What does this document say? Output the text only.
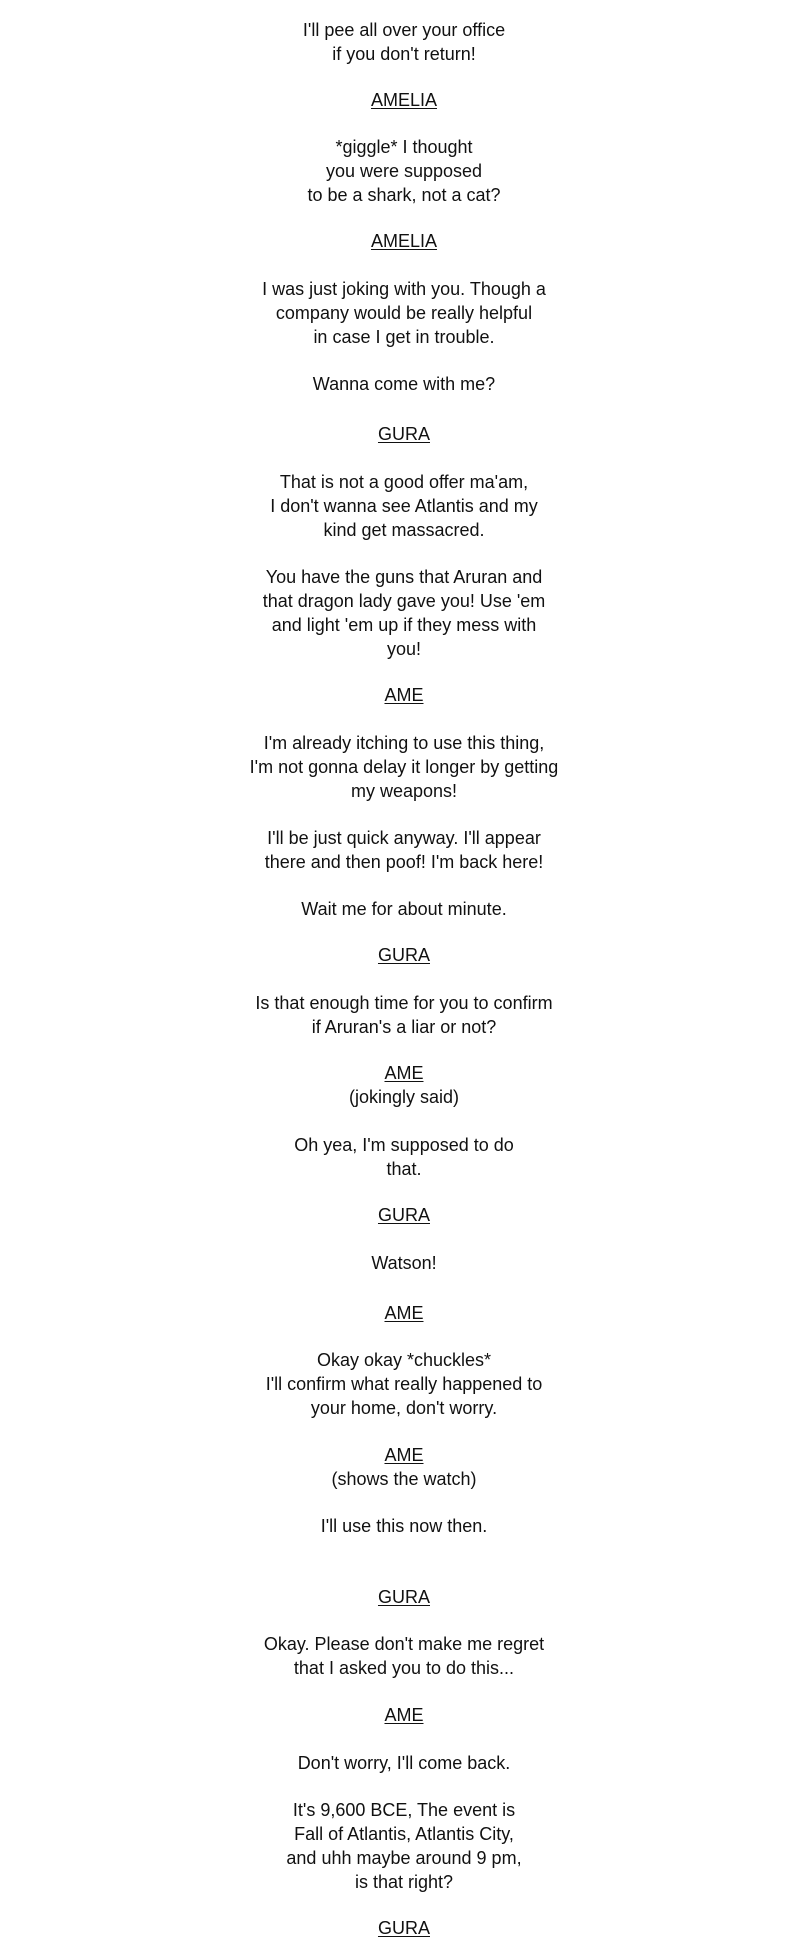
I'll pee all over your office
if you don't return!
AMELIA
*giggle* I thought
you were supposed
to be a shark, not a cat?
AMELIA
I was just joking with you. Though a
company would be really helpful
in case I get in trouble.
Wanna come with me?
GURA
That is not a good offer ma'am,
I don't wanna see Atlantis and my
kind get massacred.
You have the guns that Aruran and
that dragon lady gave you! Use 'em
and light 'em up if they mess with
you!
AME
I'm already itching to use this thing,
I'm not gonna delay it longer by getting
my weapons!
I'll be just quick anyway. I'll appear
there and then poof! I'm back here!
Wait me for about minute.
GURA
Is that enough time for you to confirm
if Aruran's a liar or not?
AME
(jokingly said)
Oh yea, I'm supposed to do
that.
GURA
Watson!
AME
Okay okay *chuckles*
I'll confirm what really happened to
your home, don't worry.
AME
(shows the watch)
I'll use this now then.
GURA
Okay. Please don't make me regret
that I asked you to do this...
AME
Don't worry, I'll come back.
It's 9,600 BCE, The event is
Fall of Atlantis, Atlantis City,
and uhh maybe around 9 pm,
is that right?
GURA
